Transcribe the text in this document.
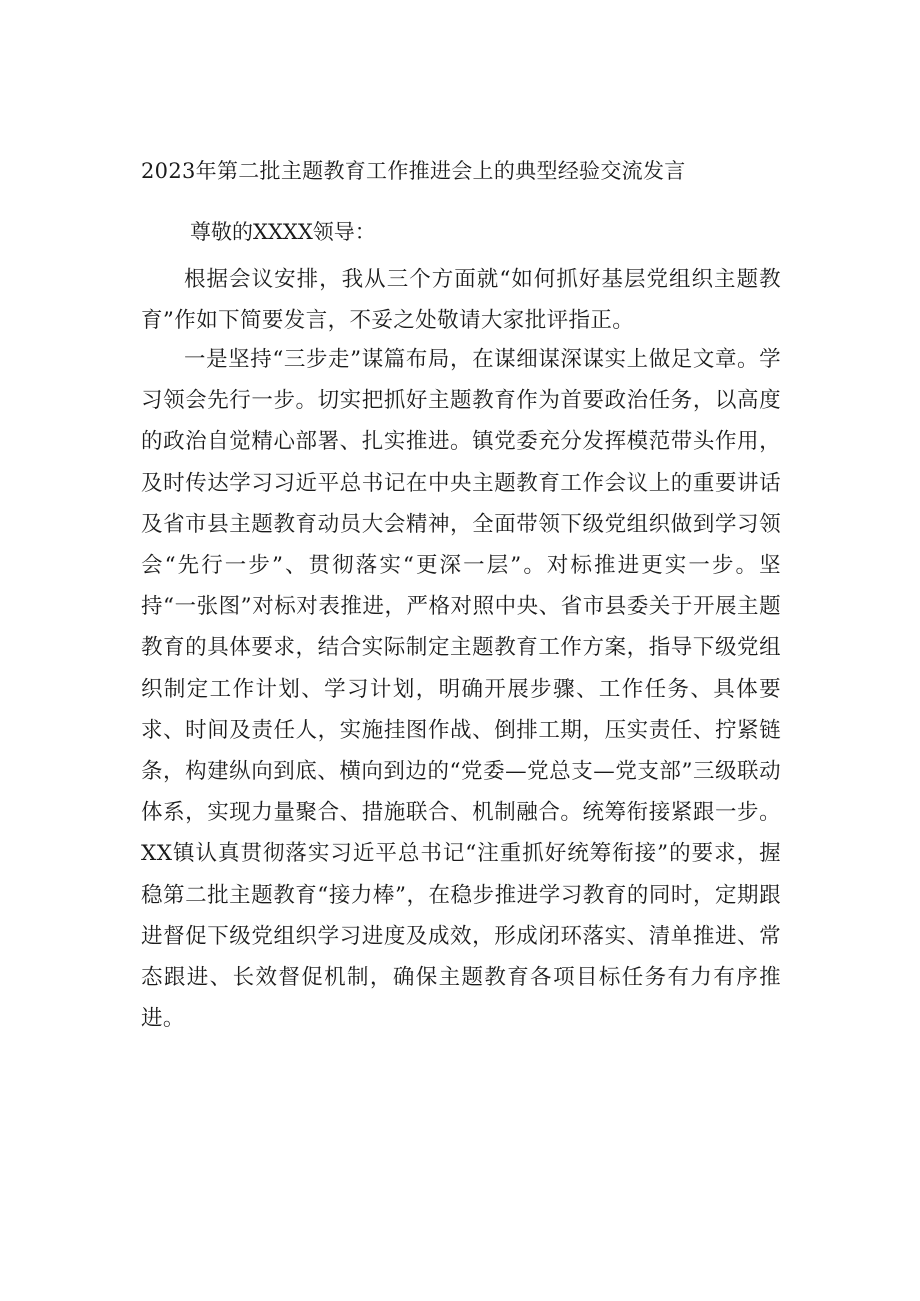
2023年第二批主题教育工作推进会上的典型经验交流发言

尊敬的XXXX领导：

根据会议安排，我从三个方面就“如何抓好基层党组织主题教育”作如下简要发言，不妥之处敬请大家批评指正。

一是坚持“三步走”谋篇布局，在谋细谋深谋实上做足文章。学习领会先行一步。切实把抓好主题教育作为首要政治任务，以高度的政治自觉精心部署、扎实推进。镇党委充分发挥模范带头作用，及时传达学习习近平总书记在中央主题教育工作会议上的重要讲话及省市县主题教育动员大会精神，全面带领下级党组织做到学习领会“先行一步”、贯彻落实“更深一层”。对标推进更实一步。坚持“一张图”对标对表推进，严格对照中央、省市县委关于开展主题教育的具体要求，结合实际制定主题教育工作方案，指导下级党组织制定工作计划、学习计划，明确开展步骤、工作任务、具体要求、时间及责任人，实施挂图作战、倒排工期，压实责任、拧紧链条，构建纵向到底、横向到边的“党委—党总支—党支部”三级联动体系，实现力量聚合、措施联合、机制融合。统筹衔接紧跟一步。XX镇认真贯彻落实习近平总书记“注重抓好统筹衔接”的要求，握稳第二批主题教育“接力棒”，在稳步推进学习教育的同时，定期跟进督促下级党组织学习进度及成效，形成闭环落实、清单推进、常态跟进、长效督促机制，确保主题教育各项目标任务有力有序推进。
